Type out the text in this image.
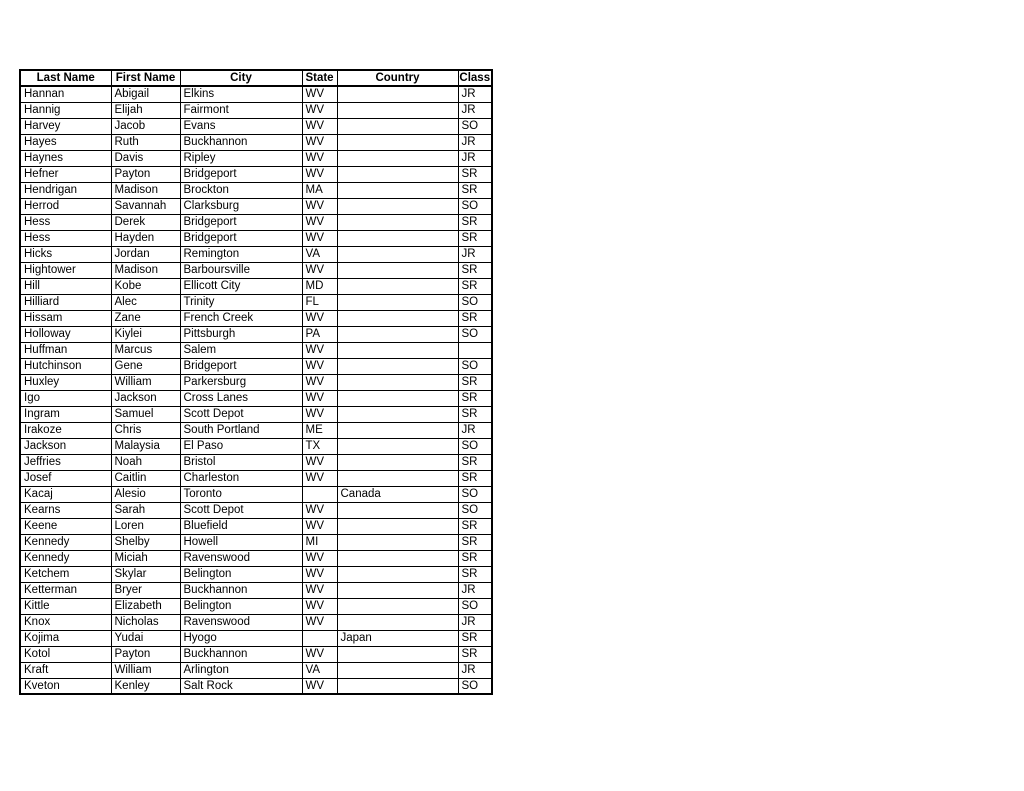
Last Name	First Name	City	State	Country	Class
Hannan	Abigail	Elkins	WV		JR
Hannig	Elijah	Fairmont	WV		JR
Harvey	Jacob	Evans	WV		SO
Hayes	Ruth	Buckhannon	WV		JR
Haynes	Davis	Ripley	WV		JR
Hefner	Payton	Bridgeport	WV		SR
Hendrigan	Madison	Brockton	MA		SR
Herrod	Savannah	Clarksburg	WV		SO
Hess	Derek	Bridgeport	WV		SR
Hess	Hayden	Bridgeport	WV		SR
Hicks	Jordan	Remington	VA		JR
Hightower	Madison	Barboursville	WV		SR
Hill	Kobe	Ellicott City	MD		SR
Hilliard	Alec	Trinity	FL		SO
Hissam	Zane	French Creek	WV		SR
Holloway	Kiylei	Pittsburgh	PA		SO
Huffman	Marcus	Salem	WV		
Hutchinson	Gene	Bridgeport	WV		SO
Huxley	William	Parkersburg	WV		SR
Igo	Jackson	Cross Lanes	WV		SR
Ingram	Samuel	Scott Depot	WV		SR
Irakoze	Chris	South Portland	ME		JR
Jackson	Malaysia	El Paso	TX		SO
Jeffries	Noah	Bristol	WV		SR
Josef	Caitlin	Charleston	WV		SR
Kacaj	Alesio	Toronto		Canada	SO
Kearns	Sarah	Scott Depot	WV		SO
Keene	Loren	Bluefield	WV		SR
Kennedy	Shelby	Howell	MI		SR
Kennedy	Miciah	Ravenswood	WV		SR
Ketchem	Skylar	Belington	WV		SR
Ketterman	Bryer	Buckhannon	WV		JR
Kittle	Elizabeth	Belington	WV		SO
Knox	Nicholas	Ravenswood	WV		JR
Kojima	Yudai	Hyogo		Japan	SR
Kotol	Payton	Buckhannon	WV		SR
Kraft	William	Arlington	VA		JR
Kveton	Kenley	Salt Rock	WV		SO
